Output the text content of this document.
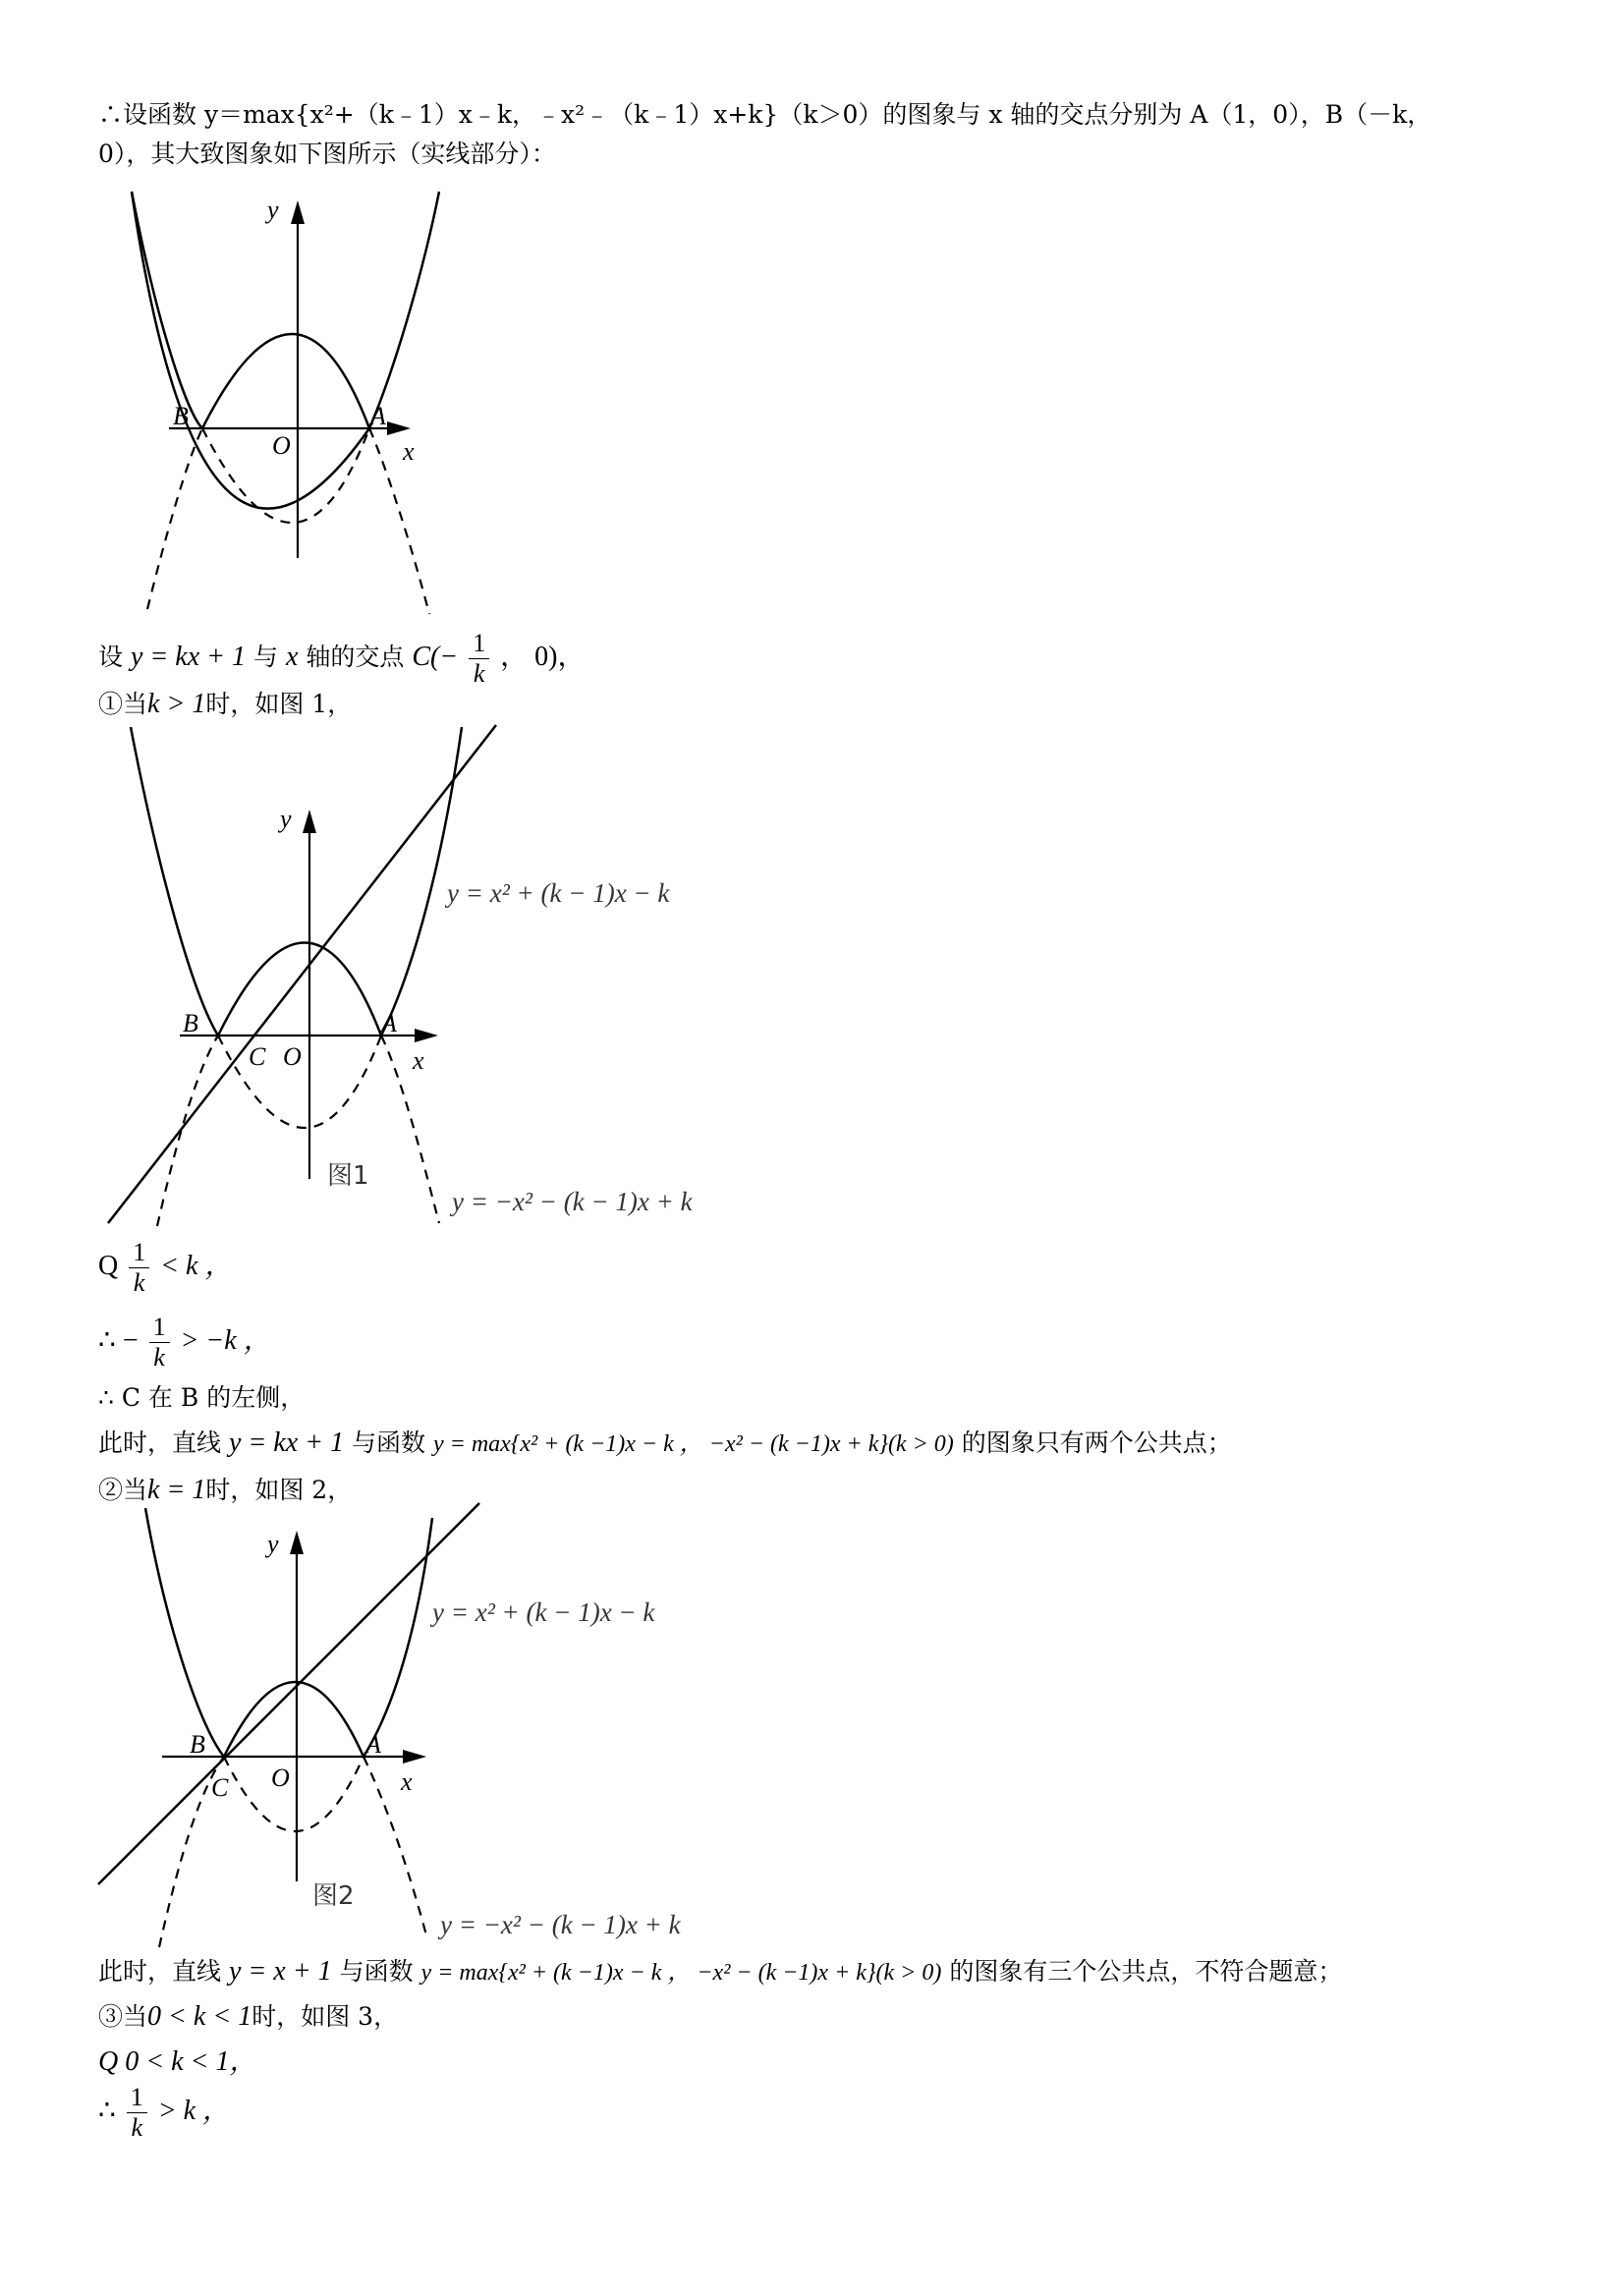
∴设函数 y＝max{x²+（k﹣1）x﹣k，﹣x²﹣（k﹣1）x+k}（k＞0）的图象与 x 轴的交点分别为 A（1，0），B（－k，
0），其大致图象如下图所示（实线部分）：
y
x
O
A
B
设 y = kx + 1 与 x 轴的交点 $C(- \frac{1}{k}$ ， 0)，
①当k > 1时，如图 1，
y
x
O
C
A
B
图1
y = x² + (k − 1)x − k
y = −x² − (k − 1)x + k
Q $\frac{1}{k} < k$ ，
∴ − $\frac{1}{k} > -k$ ，
∴ C 在 B 的左侧，
此时，直线 y = kx + 1 与函数 y = max{x² + (k −1)x − k ， −x² − (k −1)x + k}(k > 0) 的图象只有两个公共点；
②当k = 1时，如图 2，
y
x
O
C
A
B
图2
y = x² + (k − 1)x − k
y = −x² − (k − 1)x + k
此时，直线 y = x + 1 与函数 y = max{x² + (k −1)x − k ， −x² − (k −1)x + k}(k > 0) 的图象有三个公共点，不符合题意；
③当0 < k < 1时，如图 3，
Q 0 < k < 1，
∴ $\frac{1}{k} > k$ ，
